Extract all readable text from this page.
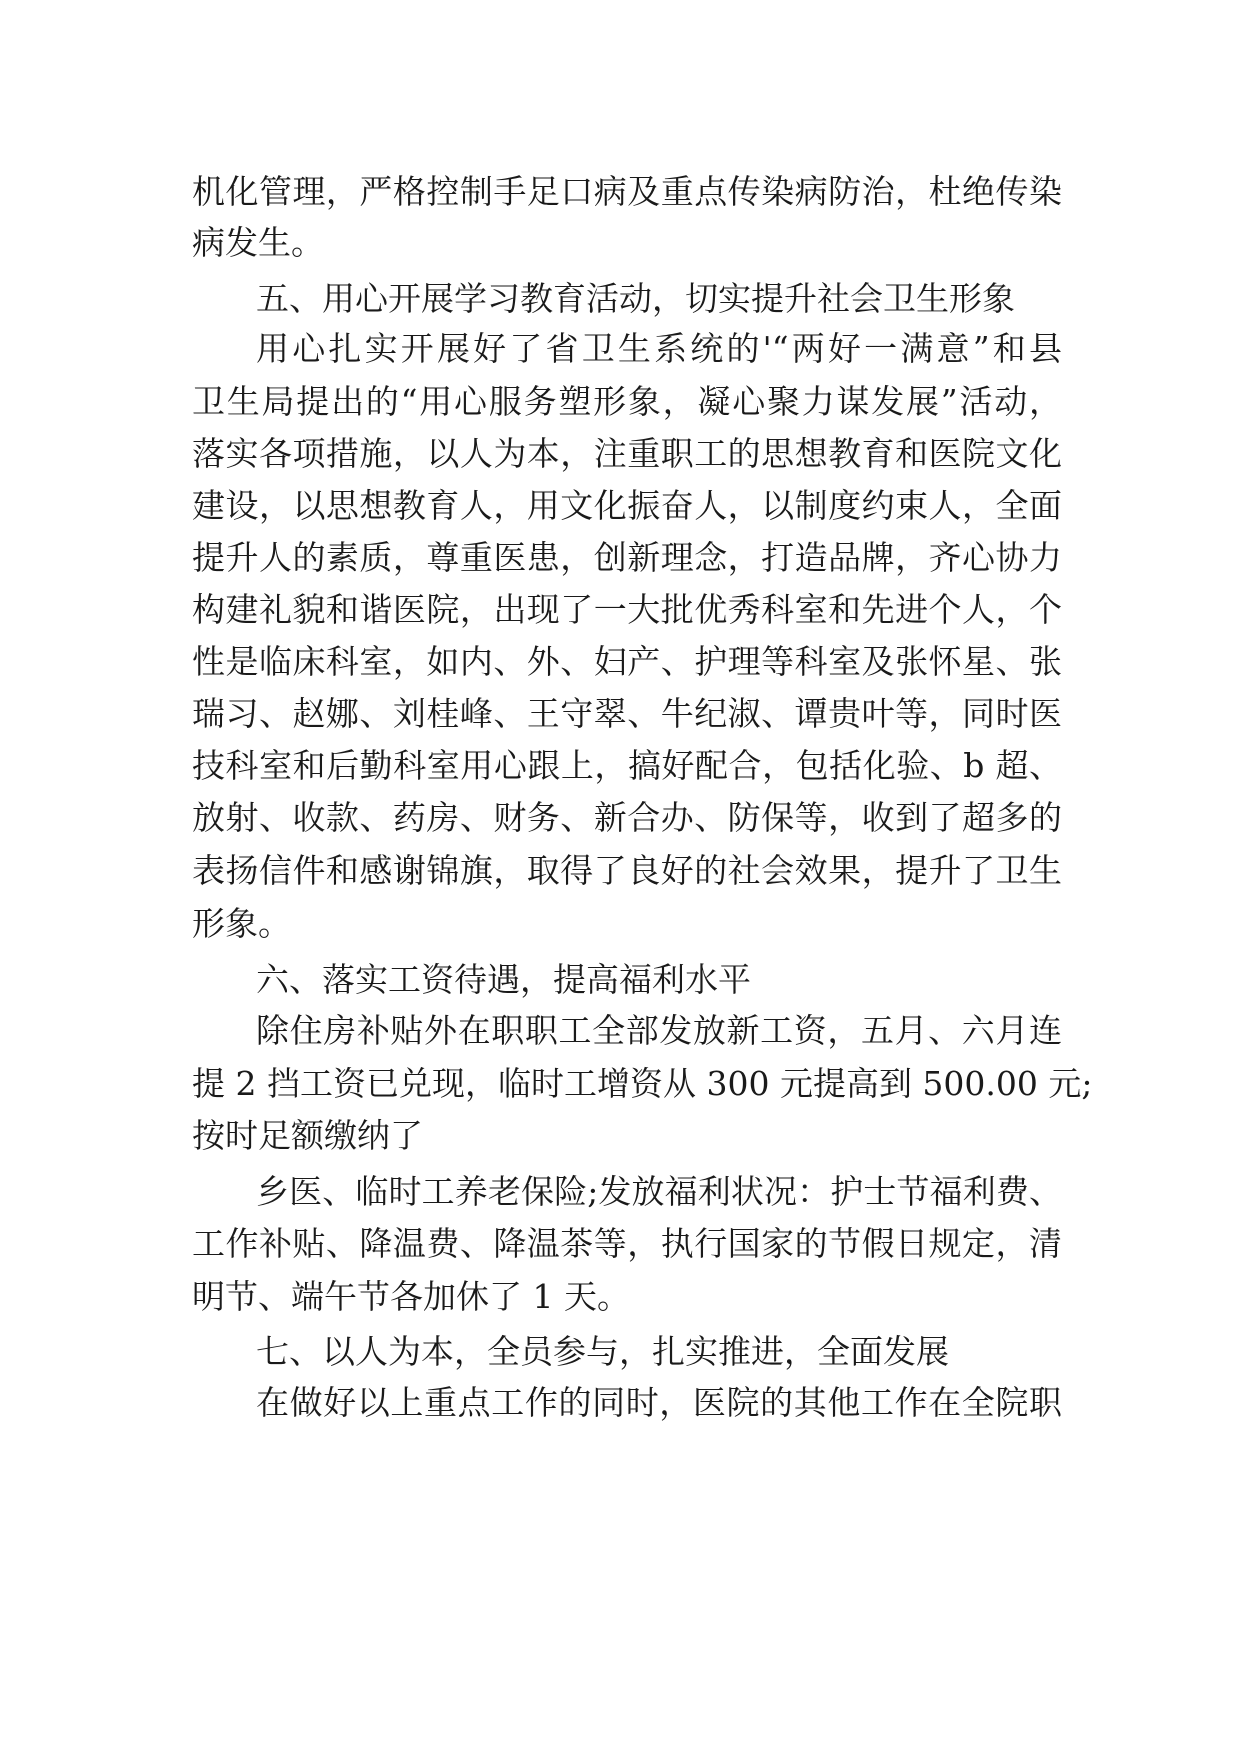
机化管理，严格控制手足口病及重点传染病防治，杜绝传染
病发生。
五、用心开展学习教育活动，切实提升社会卫生形象
用心扎实开展好了省卫生系统的'“两好一满意”和县
卫生局提出的“用心服务塑形象，凝心聚力谋发展”活动，
落实各项措施，以人为本，注重职工的思想教育和医院文化
建设，以思想教育人，用文化振奋人，以制度约束人，全面
提升人的素质，尊重医患，创新理念，打造品牌，齐心协力
构建礼貌和谐医院，出现了一大批优秀科室和先进个人，个
性是临床科室，如内、外、妇产、护理等科室及张怀星、张
瑞习、赵娜、刘桂峰、王守翠、牛纪淑、谭贵叶等，同时医
技科室和后勤科室用心跟上，搞好配合，包括化验、b 超、
放射、收款、药房、财务、新合办、防保等，收到了超多的
表扬信件和感谢锦旗，取得了良好的社会效果，提升了卫生
形象。
六、落实工资待遇，提高福利水平
除住房补贴外在职职工全部发放新工资，五月、六月连
提 2 挡工资已兑现，临时工增资从 300 元提高到 500.00 元;
按时足额缴纳了
乡医、临时工养老保险;发放福利状况：护士节福利费、
工作补贴、降温费、降温茶等，执行国家的节假日规定，清
明节、端午节各加休了 1 天。
七、以人为本，全员参与，扎实推进，全面发展
在做好以上重点工作的同时，医院的其他工作在全院职
